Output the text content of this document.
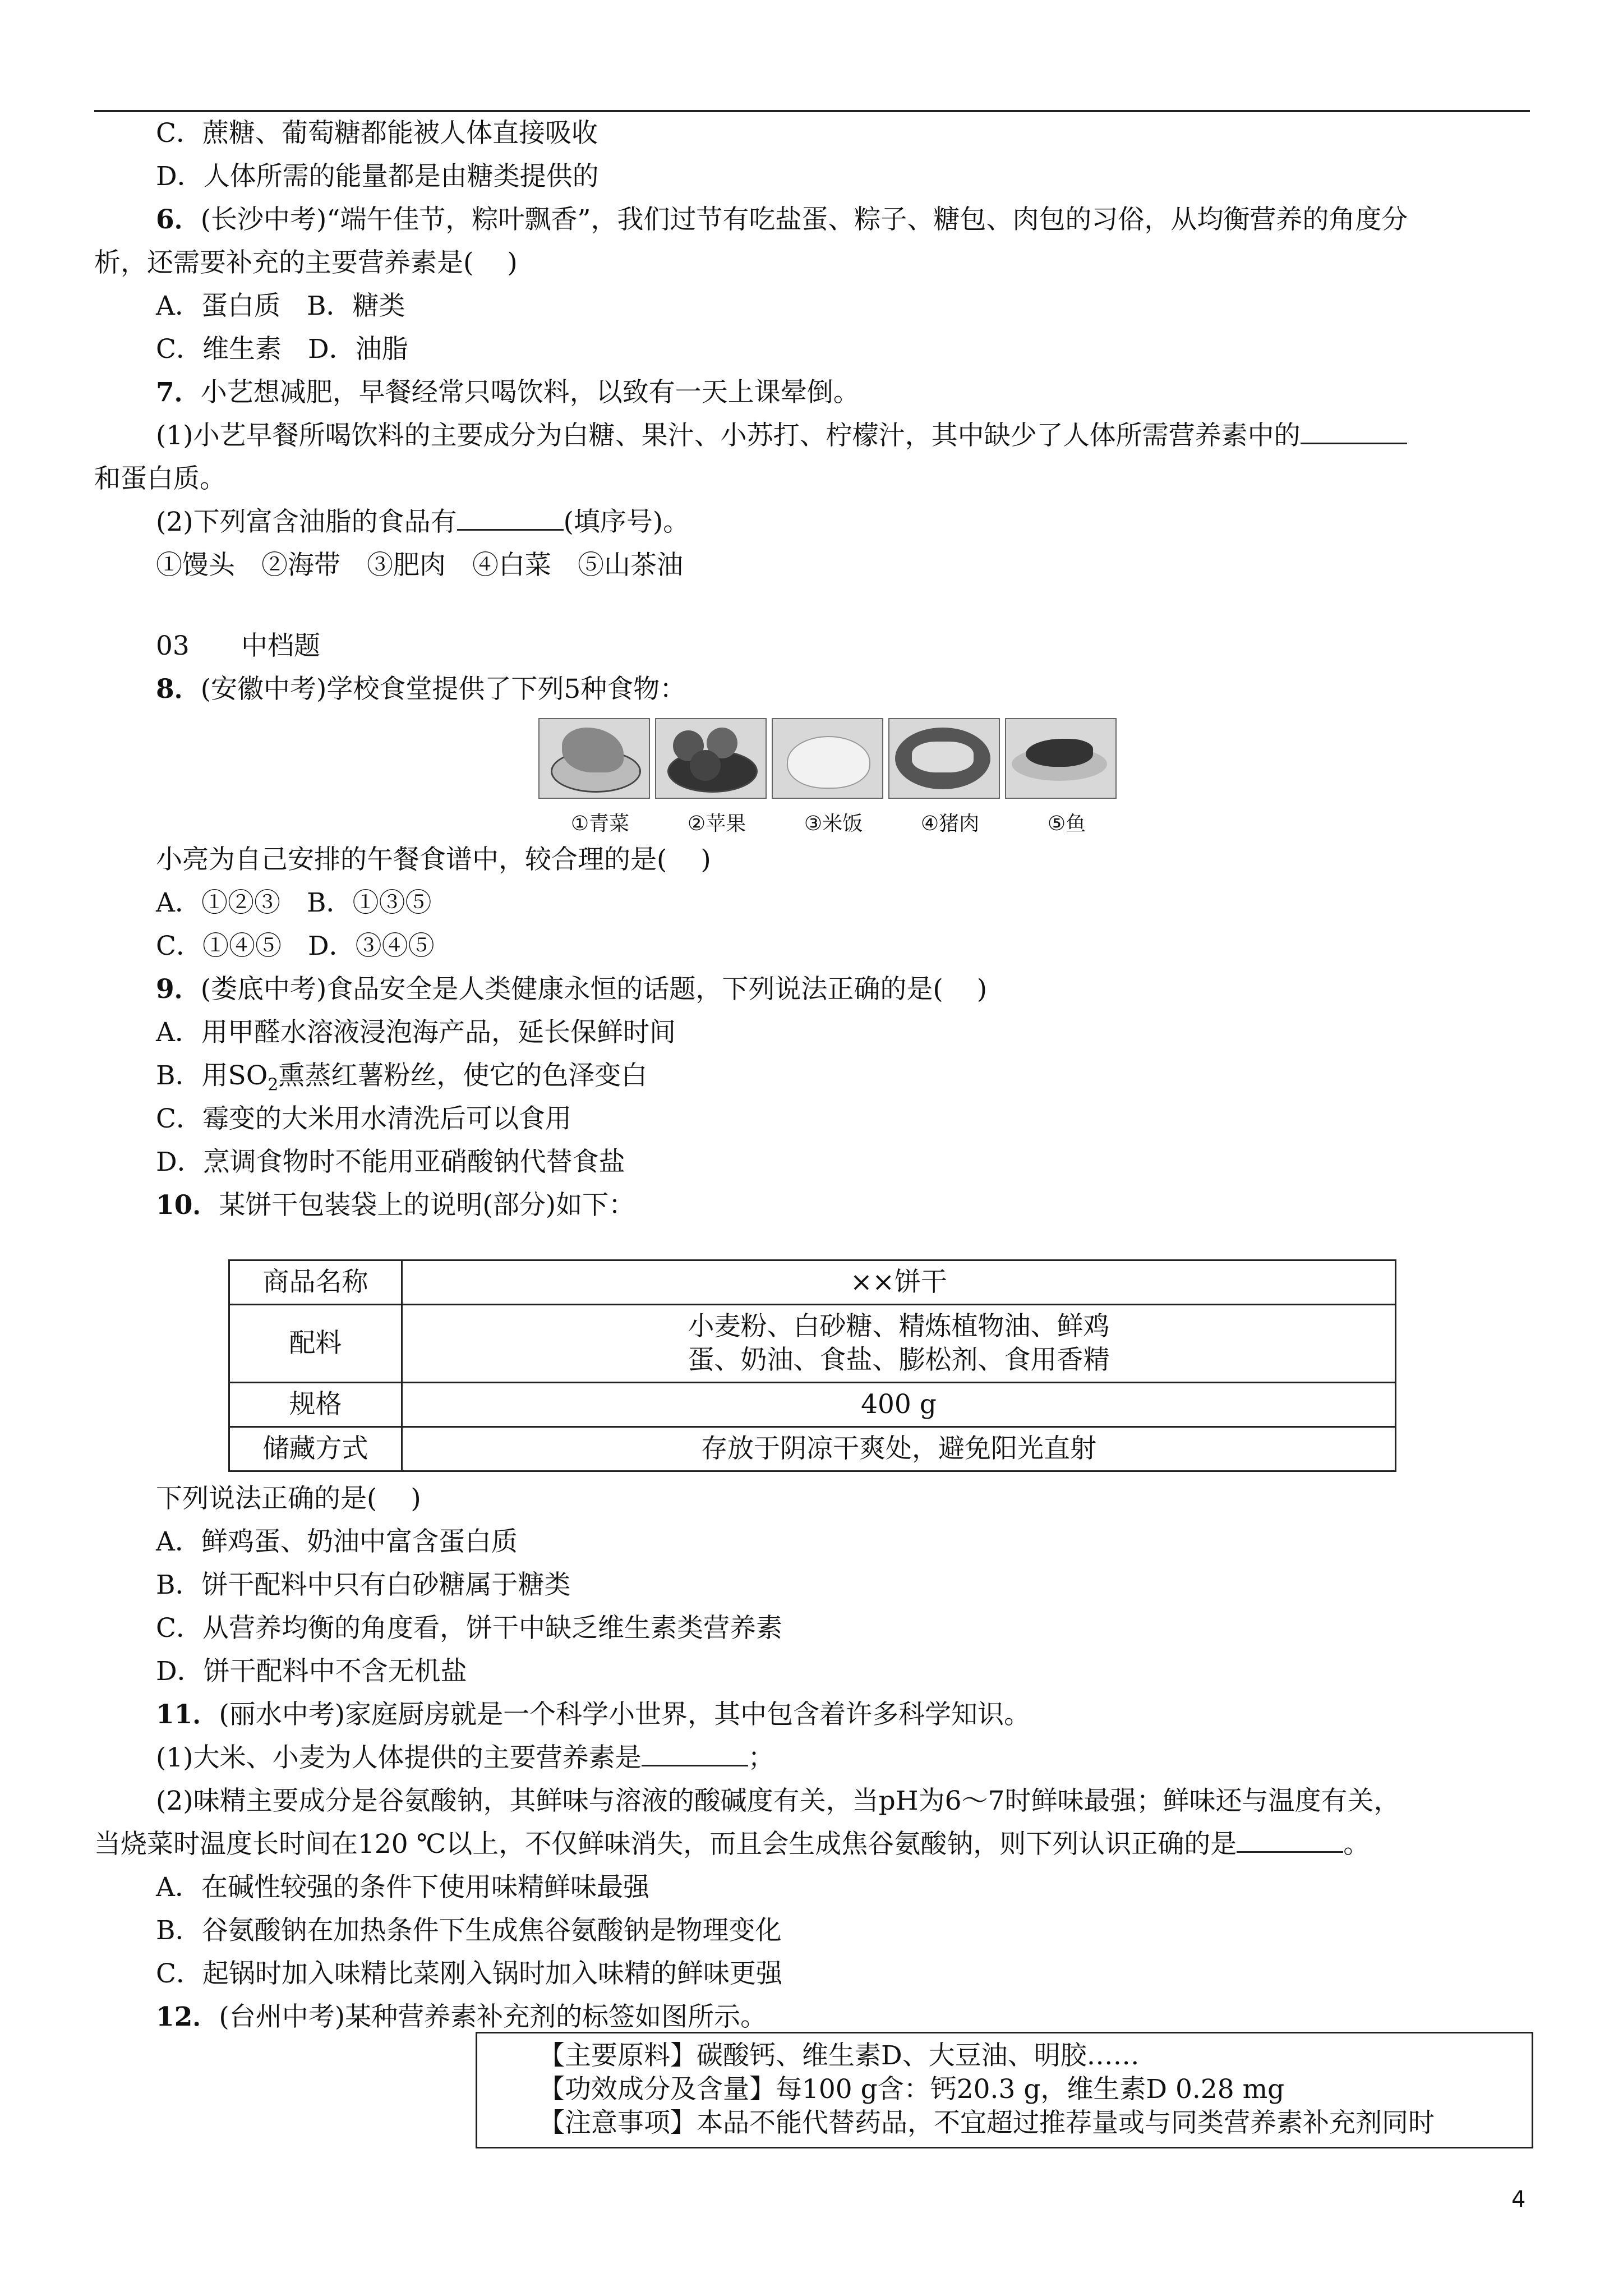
C．蔗糖、葡萄糖都能被人体直接吸收
D．人体所需的能量都是由糖类提供的
6．(长沙中考)“端午佳节，粽叶飘香”，我们过节有吃盐蛋、粽子、糖包、肉包的习俗，从均衡营养的角度分
析，还需要补充的主要营养素是( )
A．蛋白质　B．糖类
C．维生素　D．油脂
7．小艺想减肥，早餐经常只喝饮料，以致有一天上课晕倒。
(1)小艺早餐所喝饮料的主要成分为白糖、果汁、小苏打、柠檬汁，其中缺少了人体所需营养素中的
和蛋白质。
(2)下列富含油脂的食品有	(填序号)。
①馒头　②海带　③肥肉　④白菜　⑤山茶油
03 中档题
8．(安徽中考)学校食堂提供了下列5种食物：
①青菜	②苹果	③米饭	④猪肉	⑤鱼
小亮为自己安排的午餐食谱中，较合理的是( )
A．①②③　B．①③⑤
C．①④⑤　D．③④⑤
9．(娄底中考)食品安全是人类健康永恒的话题，下列说法正确的是( )
A．用甲醛水溶液浸泡海产品，延长保鲜时间
B．用$SO_2$熏蒸红薯粉丝，使它的色泽变白
C．霉变的大米用水清洗后可以食用
D．烹调食物时不能用亚硝酸钠代替食盐
10．某饼干包装袋上的说明(部分)如下：
商品名称	××饼干
配料	小麦粉、白砂糖、精炼植物油、鲜鸡
蛋、奶油、食盐、膨松剂、食用香精

规格	400 g
储藏方式	存放于阴凉干爽处，避免阳光直射
下列说法正确的是( )
A．鲜鸡蛋、奶油中富含蛋白质
B．饼干配料中只有白砂糖属于糖类
C．从营养均衡的角度看，饼干中缺乏维生素类营养素
D．饼干配料中不含无机盐
11．(丽水中考)家庭厨房就是一个科学小世界，其中包含着许多科学知识。
(1)大米、小麦为人体提供的主要营养素是	；
(2)味精主要成分是谷氨酸钠，其鲜味与溶液的酸碱度有关，当pH为6～7时鲜味最强；鲜味还与温度有关，
当烧菜时温度长时间在120 ℃以上，不仅鲜味消失，而且会生成焦谷氨酸钠，则下列认识正确的是	。
A．在碱性较强的条件下使用味精鲜味最强
B．谷氨酸钠在加热条件下生成焦谷氨酸钠是物理变化
C．起锅时加入味精比菜刚入锅时加入味精的鲜味更强
12．(台州中考)某种营养素补充剂的标签如图所示。
【主要原料】碳酸钙、维生素D、大豆油、明胶……
【功效成分及含量】每100 g含：钙20.3 g，维生素D 0.28 mg
【注意事项】本品不能代替药品，不宜超过推荐量或与同类营养素补充剂同时
4
